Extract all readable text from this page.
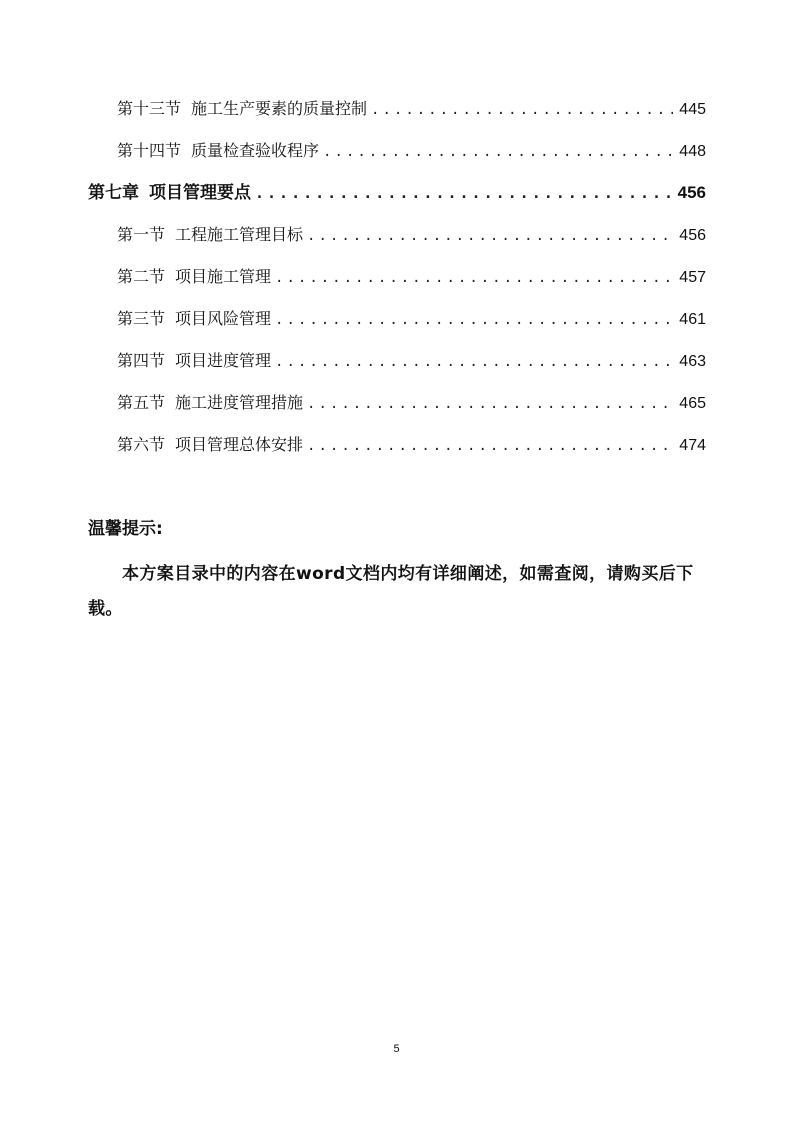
第十三节 施工生产要素的质量控制 .....	445
第十四节 质量检查验收程序 .....	448
第七章 项目管理要点 .....	456
第一节 工程施工管理目标 .....	456
第二节 项目施工管理 .....	457
第三节 项目风险管理 .....	461
第四节 项目进度管理 .....	463
第五节 施工进度管理措施 .....	465
第六节 项目管理总体安排 .....	474
温馨提示:
本方案目录中的内容在word文档内均有详细阐述，如需查阅，请购买后下载。
5
